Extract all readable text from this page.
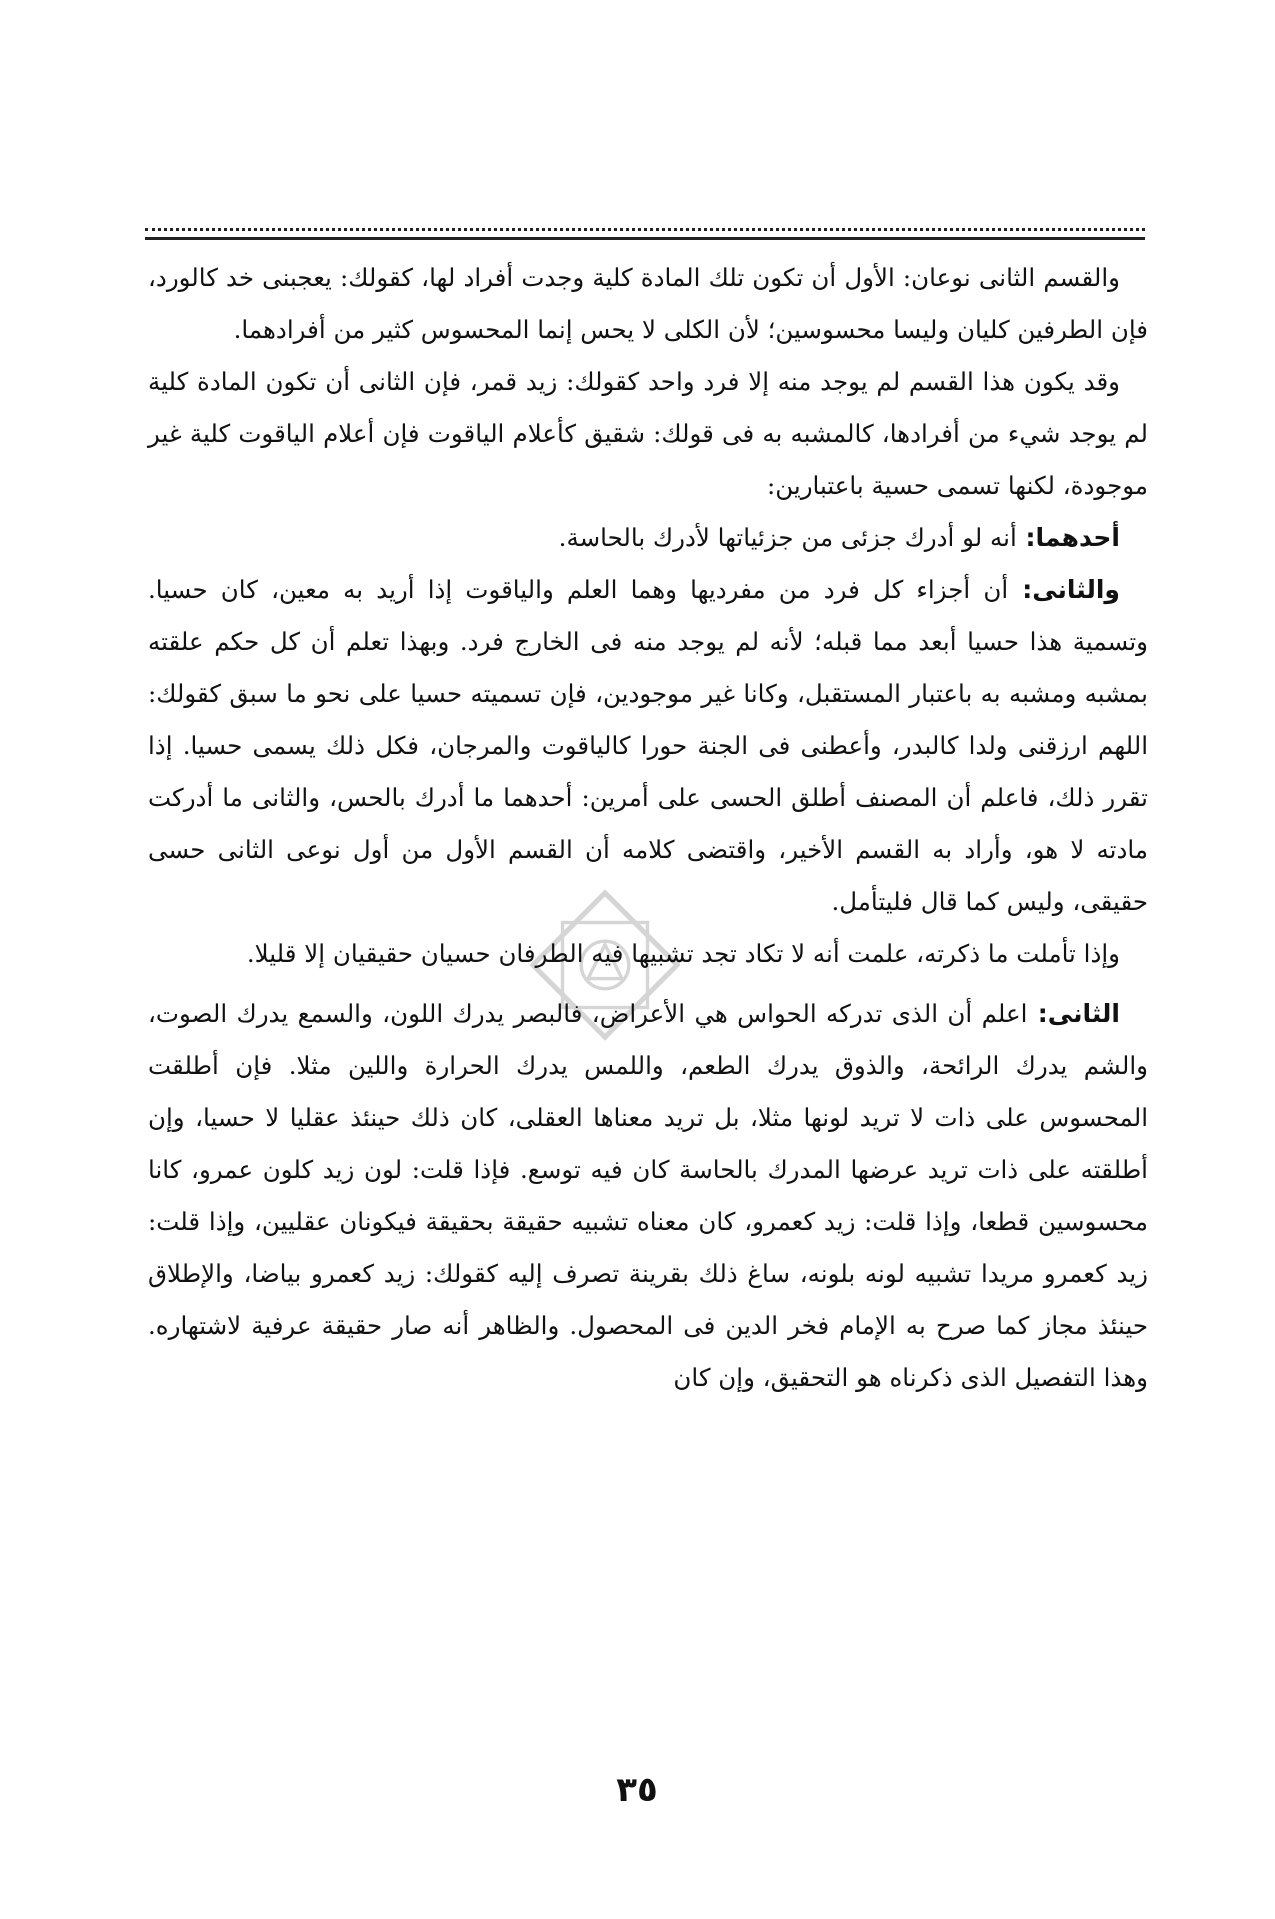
والقسم الثانى نوعان: الأول أن تكون تلك المادة كلية وجدت أفراد لها، كقولك: يعجبنى خد كالورد، فإن الطرفين كليان وليسا محسوسين؛ لأن الكلى لا يحس إنما المحسوس كثير من أفرادهما.

وقد يكون هذا القسم لم يوجد منه إلا فرد واحد كقولك: زيد قمر، فإن الثانى أن تكون المادة كلية لم يوجد شيء من أفرادها، كالمشبه به فى قولك: شقيق كأعلام الياقوت فإن أعلام الياقوت كلية غير موجودة، لكنها تسمى حسية باعتبارين:

أحدهما: أنه لو أدرك جزئى من جزئياتها لأدرك بالحاسة.

والثانى: أن أجزاء كل فرد من مفرديها وهما العلم والياقوت إذا أريد به معين، كان حسيا. وتسمية هذا حسيا أبعد مما قبله؛ لأنه لم يوجد منه فى الخارج فرد. وبهذا تعلم أن كل حكم علقته بمشبه ومشبه به باعتبار المستقبل، وكانا غير موجودين، فإن تسميته حسيا على نحو ما سبق كقولك: اللهم ارزقنى ولدا كالبدر، وأعطنى فى الجنة حورا كالياقوت والمرجان، فكل ذلك يسمى حسيا. إذا تقرر ذلك، فاعلم أن المصنف أطلق الحسى على أمرين: أحدهما ما أدرك بالحس، والثانى ما أدركت مادته لا هو، وأراد به القسم الأخير، واقتضى كلامه أن القسم الأول من أول نوعى الثانى حسى حقيقى، وليس كما قال فليتأمل.

وإذا تأملت ما ذكرته، علمت أنه لا تكاد تجد تشبيها فيه الطرفان حسيان حقيقيان إلا قليلا.

الثانى: اعلم أن الذى تدركه الحواس هي الأعراض، فالبصر يدرك اللون، والسمع يدرك الصوت، والشم يدرك الرائحة، والذوق يدرك الطعم، واللمس يدرك الحرارة واللين مثلا. فإن أطلقت المحسوس على ذات لا تريد لونها مثلا، بل تريد معناها العقلى، كان ذلك حينئذ عقليا لا حسيا، وإن أطلقته على ذات تريد عرضها المدرك بالحاسة كان فيه توسع. فإذا قلت: لون زيد كلون عمرو، كانا محسوسين قطعا، وإذا قلت: زيد كعمرو، كان معناه تشبيه حقيقة بحقيقة فيكونان عقليين، وإذا قلت: زيد كعمرو مريدا تشبيه لونه بلونه، ساغ ذلك بقرينة تصرف إليه كقولك: زيد كعمرو بياضا، والإطلاق حينئذ مجاز كما صرح به الإمام فخر الدين فى المحصول. والظاهر أنه صار حقيقة عرفية لاشتهاره. وهذا التفصيل الذى ذكرناه هو التحقيق، وإن كان

٣٥
